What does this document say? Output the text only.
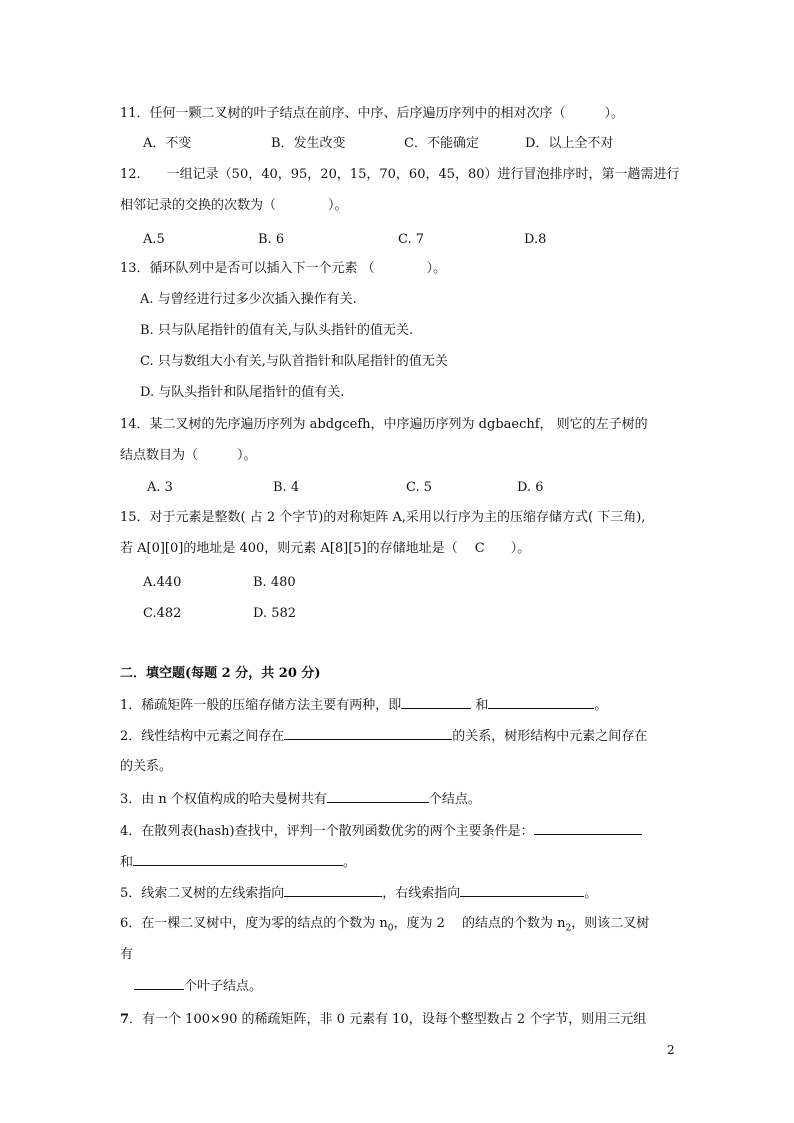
11．任何一颗二叉树的叶子结点在前序、中序、后序遍历序列中的相对次序（　　　）。
A．不变	B．发生改变	C．不能确定	D．以上全不对
12.　　一组记录（50，40，95，20，15，70，60，45，80）进行冒泡排序时，第一趟需进行
相邻记录的交换的次数为（　　　　）。
A.5	B. 6	C. 7	D.8
13．循环队列中是否可以插入下一个元素 （　　　　）。
A. 与曾经进行过多少次插入操作有关.
B. 只与队尾指针的值有关,与队头指针的值无关.
C. 只与数组大小有关,与队首指针和队尾指针的值无关
D. 与队头指针和队尾指针的值有关.
14．某二叉树的先序遍历序列为 abdgcefh，中序遍历序列为 dgbaechf， 则它的左子树的
结点数目为（　　　）。
A. 3	B. 4	C. 5	D. 6
15．对于元素是整数( 占 2 个字节)的对称矩阵 A,采用以行序为主的压缩存储方式( 下三角),
若 A[0][0]的地址是 400，则元素 A[8][5]的存储地址是（　 C　　）。
A.440	B. 480
C.482	D. 582
二．填空题(每题 2 分，共 20 分)
1．稀疏矩阵一般的压缩存储方法主要有两种，即	和	。
2．线性结构中元素之间存在	的关系，树形结构中元素之间存在
的关系。
3．由 n 个权值构成的哈夫曼树共有	个结点。
4．在散列表(hash)查找中，评判一个散列函数优劣的两个主要条件是：
和	。
5．线索二叉树的左线索指向	，右线索指向	。
6．在一棵二叉树中，度为零的结点的个数为 $n_0$，度为 2　 的结点的个数为 $n_2$，则该二叉树
有
个叶子结点。
7．有一个 100×90 的稀疏矩阵，非 0 元素有 10，设每个整型数占 2 个字节，则用三元组
2
